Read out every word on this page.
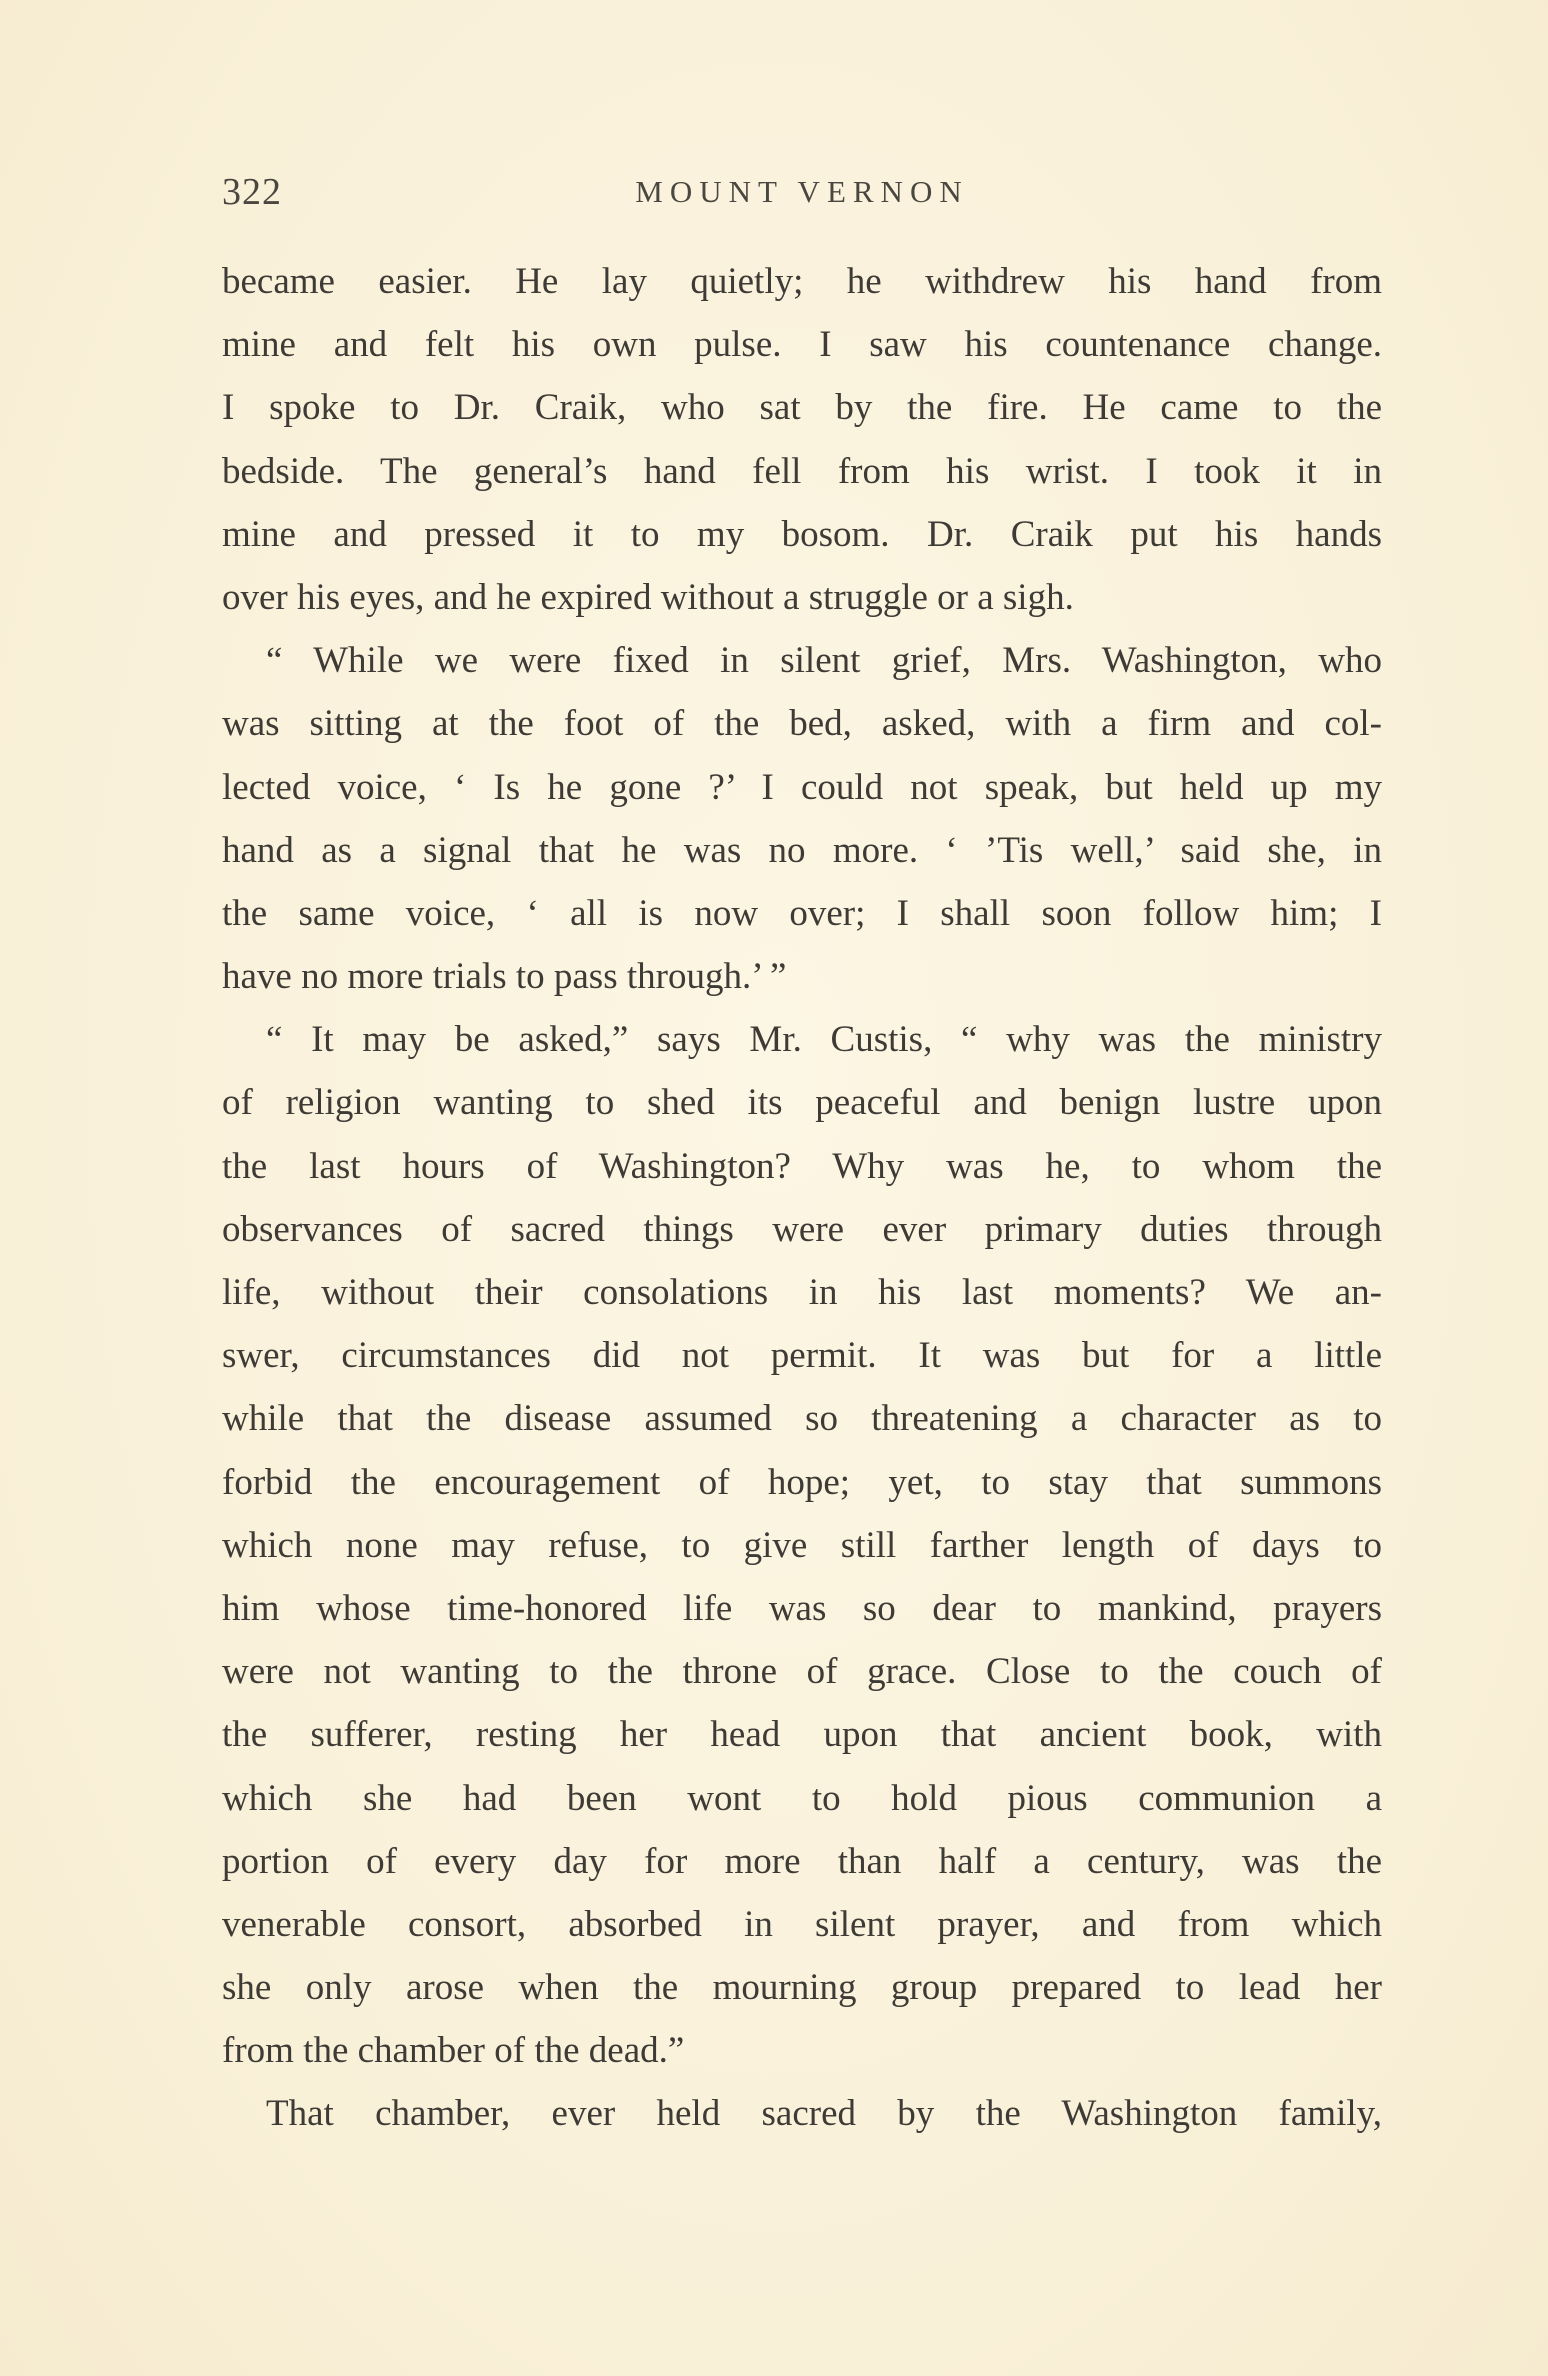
322	MOUNT VERNON
became easier. He lay quietly; he withdrew his hand from
mine and felt his own pulse. I saw his countenance change.
I spoke to Dr. Craik, who sat by the fire. He came to the
bedside. The general’s hand fell from his wrist. I took it in
mine and pressed it to my bosom. Dr. Craik put his hands
over his eyes, and he expired without a struggle or a sigh.
“ While we were fixed in silent grief, Mrs. Washington, who
was sitting at the foot of the bed, asked, with a firm and col-
lected voice, ‘ Is he gone ?’ I could not speak, but held up my
hand as a signal that he was no more. ‘ ’Tis well,’ said she, in
the same voice, ‘ all is now over; I shall soon follow him; I
have no more trials to pass through.’ ”
“ It may be asked,” says Mr. Custis, “ why was the ministry
of religion wanting to shed its peaceful and benign lustre upon
the last hours of Washington? Why was he, to whom the
observances of sacred things were ever primary duties through
life, without their consolations in his last moments? We an-
swer, circumstances did not permit. It was but for a little
while that the disease assumed so threatening a character as to
forbid the encouragement of hope; yet, to stay that summons
which none may refuse, to give still farther length of days to
him whose time-honored life was so dear to mankind, prayers
were not wanting to the throne of grace. Close to the couch of
the sufferer, resting her head upon that ancient book, with
which she had been wont to hold pious communion a
portion of every day for more than half a century, was the
venerable consort, absorbed in silent prayer, and from which
she only arose when the mourning group prepared to lead her
from the chamber of the dead.”
That chamber, ever held sacred by the Washington family,
